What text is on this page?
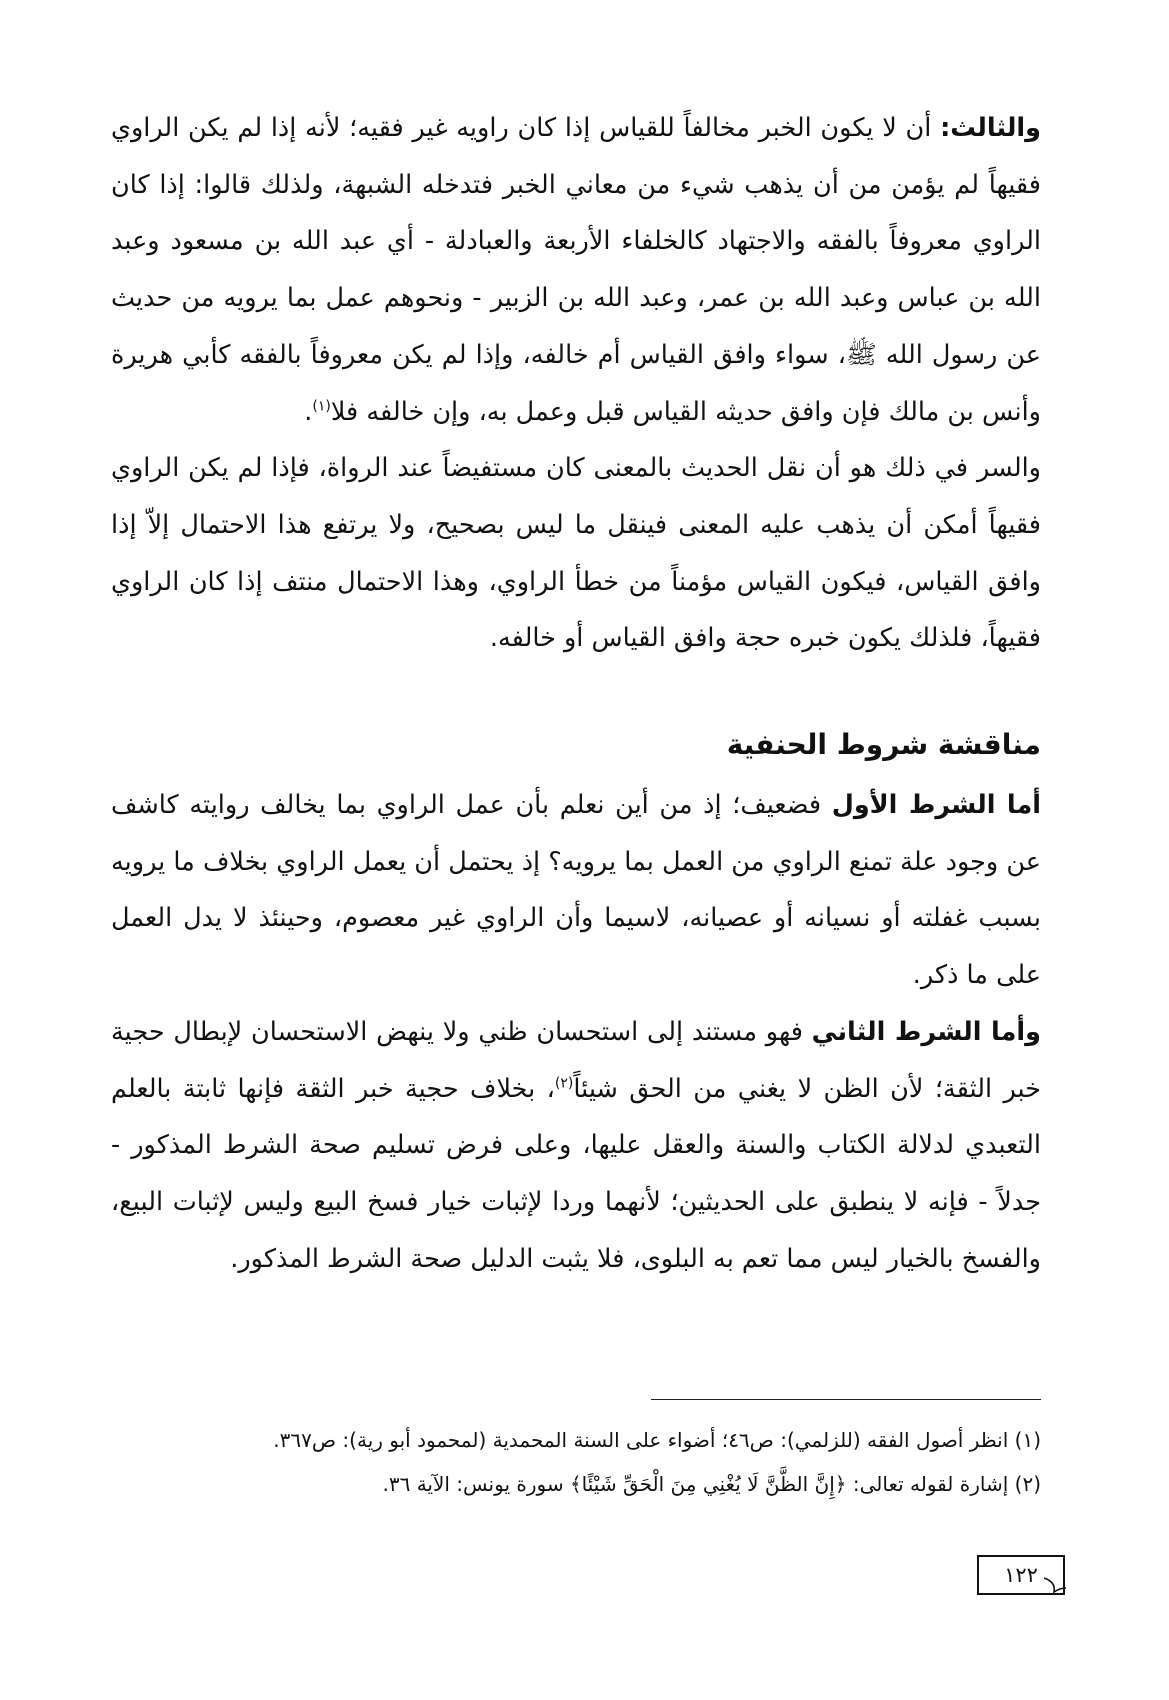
والثالث: أن لا يكون الخبر مخالفاً للقياس إذا كان راويه غير فقيه؛ لأنه إذا لم يكن الراوي فقيهاً لم يؤمن من أن يذهب شيء من معاني الخبر فتدخله الشبهة، ولذلك قالوا: إذا كان الراوي معروفاً بالفقه والاجتهاد كالخلفاء الأربعة والعبادلة - أي عبد الله بن مسعود وعبد الله بن عباس وعبد الله بن عمر، وعبد الله بن الزبير - ونحوهم عمل بما يرويه من حديث عن رسول الله ﷺ، سواء وافق القياس أم خالفه، وإذا لم يكن معروفاً بالفقه كأبي هريرة وأنس بن مالك فإن وافق حديثه القياس قبل وعمل به، وإن خالفه فلا$^{(١)}$.

والسر في ذلك هو أن نقل الحديث بالمعنى كان مستفيضاً عند الرواة، فإذا لم يكن الراوي فقيهاً أمكن أن يذهب عليه المعنى فينقل ما ليس بصحيح، ولا يرتفع هذا الاحتمال إلاّ إذا وافق القياس، فيكون القياس مؤمناً من خطأ الراوي، وهذا الاحتمال منتف إذا كان الراوي فقيهاً، فلذلك يكون خبره حجة وافق القياس أو خالفه.

مناقشة شروط الحنفية

أما الشرط الأول فضعيف؛ إذ من أين نعلم بأن عمل الراوي بما يخالف روايته كاشف عن وجود علة تمنع الراوي من العمل بما يرويه؟ إذ يحتمل أن يعمل الراوي بخلاف ما يرويه بسبب غفلته أو نسيانه أو عصيانه، لاسيما وأن الراوي غير معصوم، وحينئذ لا يدل العمل على ما ذكر.

وأما الشرط الثاني فهو مستند إلى استحسان ظني ولا ينهض الاستحسان لإبطال حجية خبر الثقة؛ لأن الظن لا يغني من الحق شيئاً$^{(٢)}$، بخلاف حجية خبر الثقة فإنها ثابتة بالعلم التعبدي لدلالة الكتاب والسنة والعقل عليها، وعلى فرض تسليم صحة الشرط المذكور - جدلاً - فإنه لا ينطبق على الحديثين؛ لأنهما وردا لإثبات خيار فسخ البيع وليس لإثبات البيع، والفسخ بالخيار ليس مما تعم به البلوى، فلا يثبت الدليل صحة الشرط المذكور.

(١) انظر أصول الفقه (للزلمي): ص٤٦؛ أضواء على السنة المحمدية (لمحمود أبو رية): ص٣٦٧.

(٢) إشارة لقوله تعالى: ﴿إِنَّ الظَّنَّ لَا يُغْنِي مِنَ الْحَقِّ شَيْئًا﴾ سورة يونس: الآية ٣٦.

١٢٢
